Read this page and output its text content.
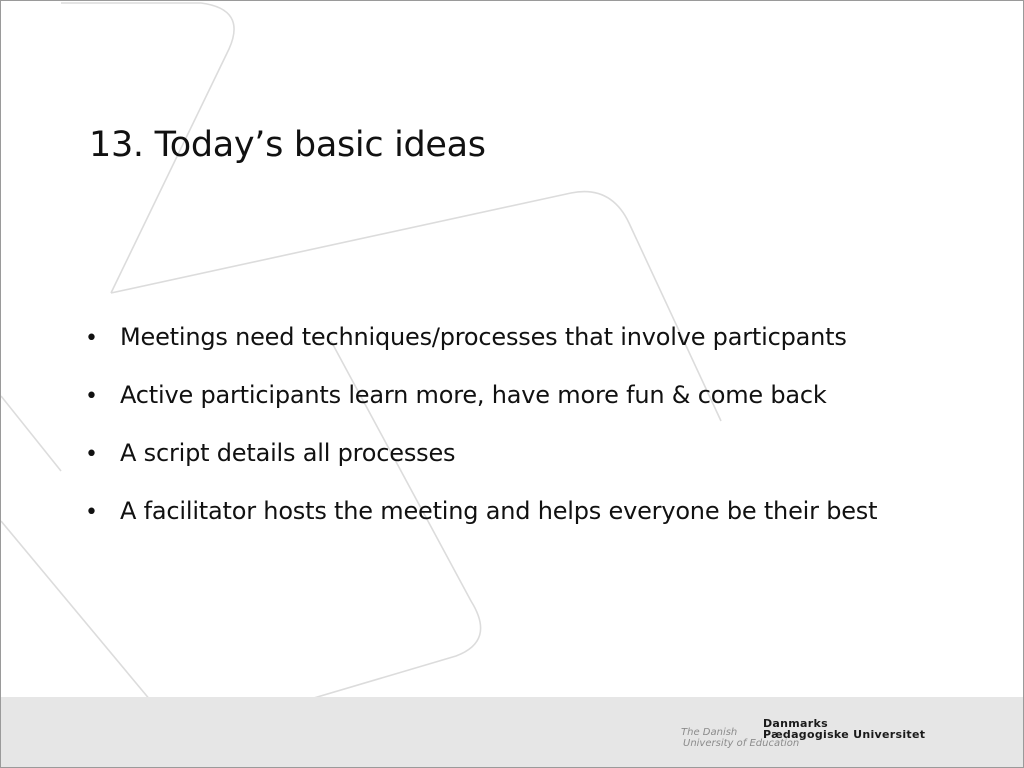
13. Today’s basic ideas
• Meetings need techniques/processes that involve particpants
• Active participants learn more, have more fun & come back
• A script details all processes
• A facilitator hosts the meeting and helps everyone be their best
The Danish
University of Education
Danmarks
Pædagogiske Universitet
